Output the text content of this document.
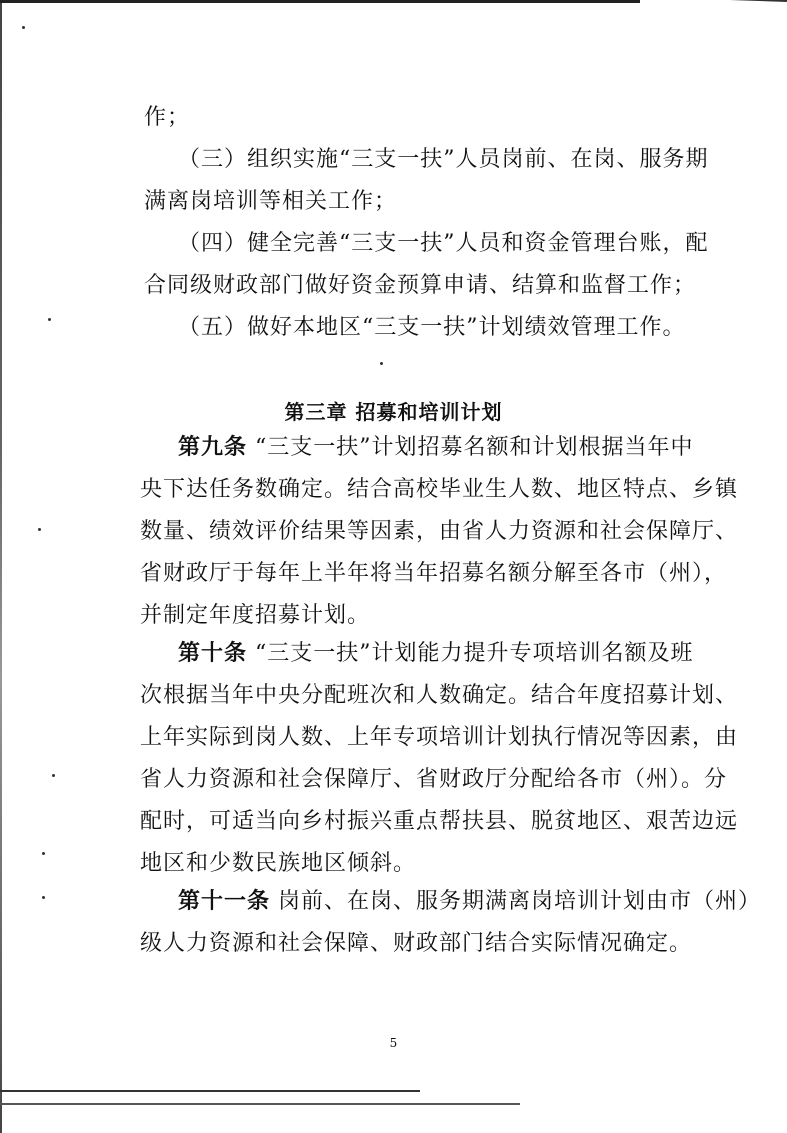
作；
（三）组织实施“三支一扶”人员岗前、在岗、服务期
满离岗培训等相关工作；
（四）健全完善“三支一扶”人员和资金管理台账，配
合同级财政部门做好资金预算申请、结算和监督工作；
（五）做好本地区“三支一扶”计划绩效管理工作。
第三章 招募和培训计划
第九条 “三支一扶”计划招募名额和计划根据当年中
央下达任务数确定。结合高校毕业生人数、地区特点、乡镇
数量、绩效评价结果等因素，由省人力资源和社会保障厅、
省财政厅于每年上半年将当年招募名额分解至各市（州），
并制定年度招募计划。
第十条 “三支一扶”计划能力提升专项培训名额及班
次根据当年中央分配班次和人数确定。结合年度招募计划、
上年实际到岗人数、上年专项培训计划执行情况等因素，由
省人力资源和社会保障厅、省财政厅分配给各市（州）。分
配时，可适当向乡村振兴重点帮扶县、脱贫地区、艰苦边远
地区和少数民族地区倾斜。
第十一条 岗前、在岗、服务期满离岗培训计划由市（州）
级人力资源和社会保障、财政部门结合实际情况确定。
5
